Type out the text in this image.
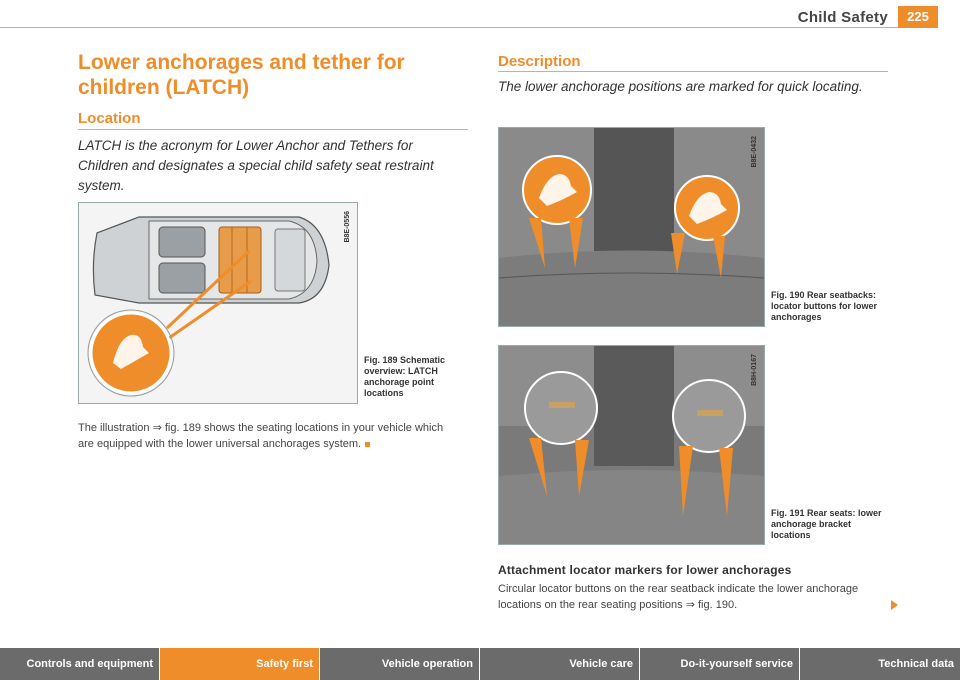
Child Safety	225
Lower anchorages and tether for children (LATCH)
Location
LATCH is the acronym for Lower Anchor and Tethers for Children and designates a special child safety seat restraint system.
B8E-0556
Fig. 189 Schematic overview: LATCH anchorage point locations
The illustration ⇒ fig. 189 shows the seating locations in your vehicle which are equipped with the lower universal anchorages system.
Description
The lower anchorage positions are marked for quick locating.
B8E-0432
Fig. 190 Rear seatbacks: locator buttons for lower anchorages
B8H-0167
Fig. 191 Rear seats: lower anchorage bracket locations
Attachment locator markers for lower anchorages
Circular locator buttons on the rear seatback indicate the lower anchorage locations on the rear seating positions ⇒ fig. 190.
Controls and equipment	Safety first	Vehicle operation	Vehicle care	Do-it-yourself service	Technical data
